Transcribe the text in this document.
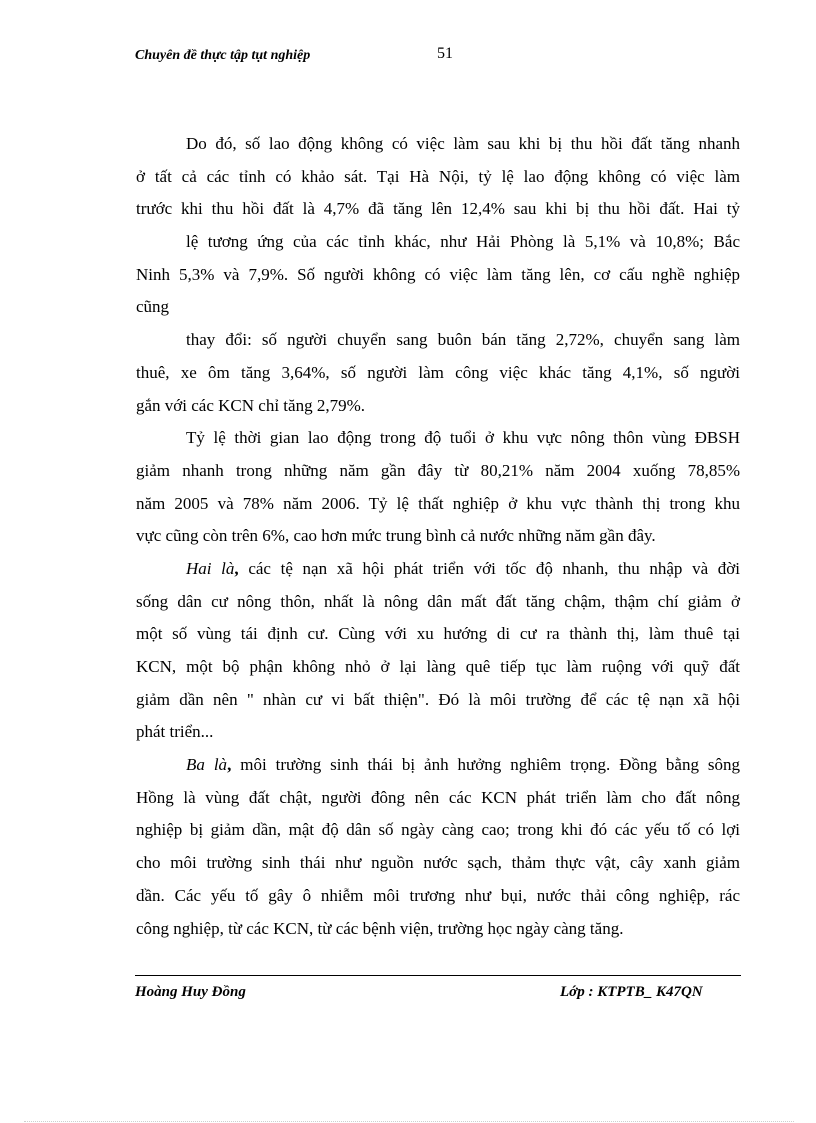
Chuyên đề thực tập tụt nghiệp	51
Do đó, số lao động không có việc làm sau khi bị thu hồi đất tăng nhanh
ở tất cả các tỉnh có khảo sát. Tại Hà Nội, tỷ lệ lao động không có việc làm
trước khi thu hồi đất là 4,7% đã tăng lên 12,4% sau khi bị thu hồi đất. Hai tỷ
lệ tương ứng của các tỉnh khác, như Hải Phòng là 5,1% và 10,8%; Bắc
Ninh 5,3% và 7,9%. Số người không có việc làm tăng lên, cơ cấu nghề nghiệp
cũng
thay đổi: số người chuyển sang buôn bán tăng 2,72%, chuyển sang làm
thuê, xe ôm tăng 3,64%, số người làm công việc khác tăng 4,1%, số người
gắn với các KCN chỉ tăng 2,79%.
Tỷ lệ thời gian lao động trong độ tuổi ở khu vực nông thôn vùng ĐBSH
giảm nhanh trong những năm gần đây từ 80,21% năm 2004 xuống 78,85%
năm 2005 và 78% năm 2006. Tỷ lệ thất nghiệp ở khu vực thành thị trong khu
vực cũng còn trên 6%, cao hơn mức trung bình cả nước những năm gần đây.
Hai là, các tệ nạn xã hội phát triển với tốc độ nhanh, thu nhập và đời
sống dân cư nông thôn, nhất là nông dân mất đất tăng chậm, thậm chí giảm ở
một số vùng tái định cư. Cùng với xu hướng di cư ra thành thị, làm thuê tại
KCN, một bộ phận không nhỏ ở lại làng quê tiếp tục làm ruộng với quỹ đất
giảm dần nên " nhàn cư vi bất thiện". Đó là môi trường để các tệ nạn xã hội
phát triển...
Ba là, môi trường sinh thái bị ảnh hưởng nghiêm trọng. Đồng bằng sông
Hồng là vùng đất chật, người đông nên các KCN phát triển làm cho đất nông
nghiệp bị giảm dần, mật độ dân số ngày càng cao; trong khi đó các yếu tố có lợi
cho môi trường sinh thái như nguồn nước sạch, thảm thực vật, cây xanh giảm
dần. Các yếu tố gây ô nhiễm môi trương như bụi, nước thải công nghiệp, rác
công nghiệp, từ các KCN, từ các bệnh viện, trường học ngày càng tăng.
Hoàng Huy Đồng	Lớp : KTPTB_ K47QN
